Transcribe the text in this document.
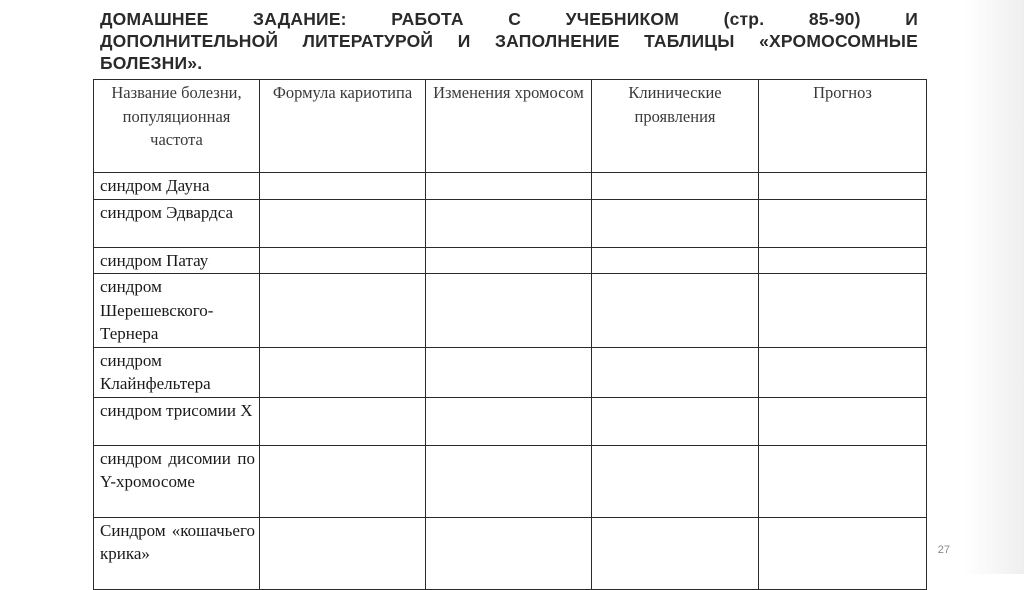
ДОМАШНЕЕ ЗАДАНИЕ: РАБОТА С УЧЕБНИКОМ (стр. 85-90) И
ДОПОЛНИТЕЛЬНОЙ ЛИТЕРАТУРОЙ И ЗАПОЛНЕНИЕ ТАБЛИЦЫ «ХРОМОСОМНЫЕ БОЛЕЗНИ».
Название болезни, популяционная частота	Формула кариотипа	Изменения хромосом	Клинические проявления	Прогноз
синдром Дауна				
синдром Эдвардса				
синдром Патау				
синдром Шерешевского-Тернера				
синдром Клайнфельтера				
синдром трисомии Х				
синдром дисомии по Y-хромосоме				
Синдром «кошачьего крика»					27
